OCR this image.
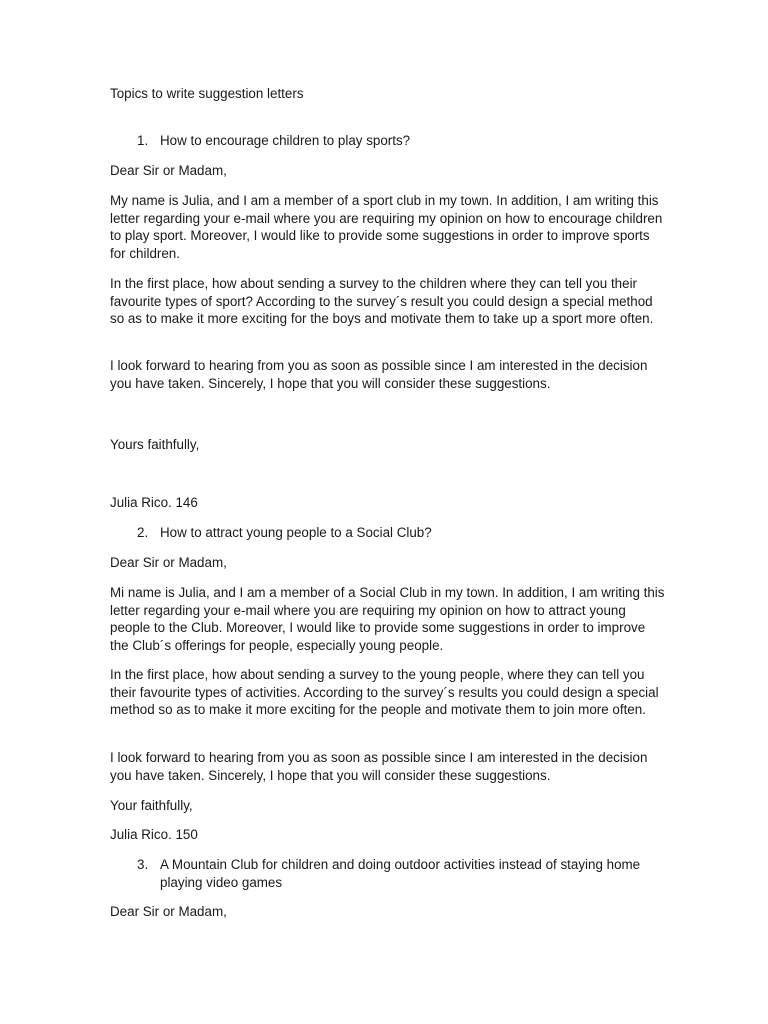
Topics to write suggestion letters
1. How to encourage children to play sports?
Dear Sir or Madam,
My name is Julia, and I am a member of a sport club in my town. In addition, I am writing this letter regarding your e-mail where you are requiring my opinion on how to encourage children to play sport. Moreover, I would like to provide some suggestions in order to improve sports for children.
In the first place, how about sending a survey to the children where they can tell you their favourite types of sport? According to the survey´s result you could design a special method so as to make it more exciting for the boys and motivate them to take up a sport more often.
I look forward to hearing from you as soon as possible since I am interested in the decision you have taken. Sincerely, I hope that you will consider these suggestions.
Yours faithfully,
Julia Rico. 146
2. How to attract young people to a Social Club?
Dear Sir or Madam,
Mi name is Julia, and I am a member of a Social Club in my town. In addition, I am writing this letter regarding your e-mail where you are requiring my opinion on how to attract young people to the Club. Moreover, I would like to provide some suggestions in order to improve the Club´s offerings for people, especially young people.
In the first place, how about sending a survey to the young people, where they can tell you their favourite types of activities. According to the survey´s results you could design a special method so as to make it more exciting for the people and motivate them to join more often.
I look forward to hearing from you as soon as possible since I am interested in the decision you have taken. Sincerely, I hope that you will consider these suggestions.
Your faithfully,
Julia Rico. 150
3. A Mountain Club for children and doing outdoor activities instead of staying home playing video games
Dear Sir or Madam,
